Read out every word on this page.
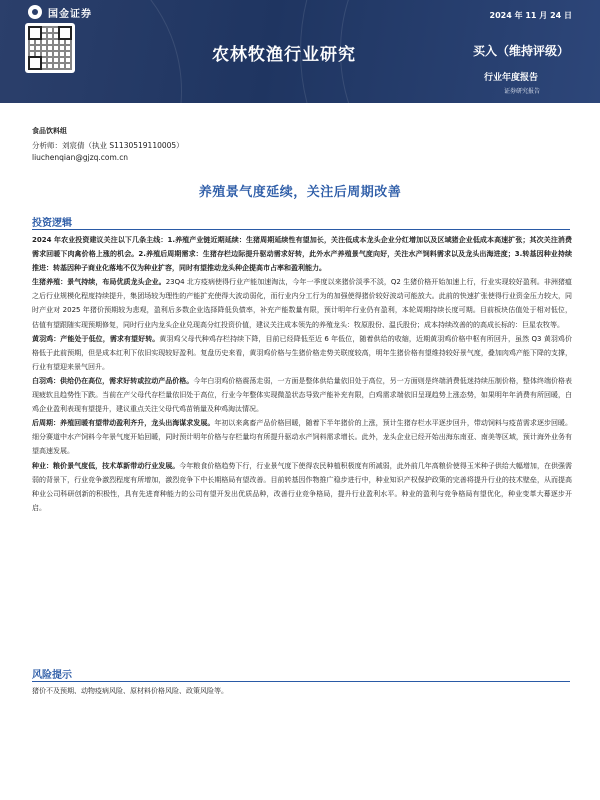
国金证券	2024 年 11 月 24 日
农林牧渔行业研究	买入（维持评级）
行业年度报告
证券研究报告
食品饮料组
分析师：刘宸倩（执业 S1130519110005）
liuchenqian@gjzq.com.cn
养殖景气度延续，关注后周期改善
投资逻辑

2024 年农业投资建议关注以下几条主线：1.养殖产业链近期延续：生猪周期延续性有望加长，关注低成本龙头企业分红增加以及区域猪企业低成本高速扩张；其次关注消费需求回暖下肉禽价格上涨的机会。2.养殖后周期需求：生猪存栏边际提升驱动需求好转，此外水产养殖景气度向好，关注水产饲料需求以及龙头出海进度；3.转基因种业持续推进：转基因种子商业化落地不仅为种业扩容，同时有望推动龙头种企提高市占率和盈利能力。

生猪养殖：景气持续，布局优质龙头企业。23Q4 北方疫病使得行业产能加速淘汰，今年一季度以来猪价淡季不淡，Q2 生猪价格开始加速上行，行业实现较好盈利。非洲猪瘟之后行业规模化程度持续提升，集团场较为理性的产能扩充使得大波动弱化，而行业内分工行为的加强使得猪价较好波动可能放大。此前的快速扩张使得行业资金压力较大，同时产业对 2025 年猪价预期较为悲观，盈利后多数企业选择降低负债率，补充产能数量有限，预计明年行业仍有盈利，本轮周期持续长度可期。目前板块估值处于相对低位，估值有望跟随实现预期修复，同时行业内龙头企业兑现高分红投资价值，建议关注成本领先的养殖龙头：牧原股份、温氏股份；成本持续改善的的高成长标的：巨星农牧等。

黄羽鸡：产能处于低位，需求有望好转。黄羽鸡父母代种鸡存栏持续下降，目前已经降低至近 6 年低位，随着供给的收缩，近期黄羽鸡价格中枢有所回升，虽然 Q3 黄羽鸡价格低于此前预期，但是成本红利下依旧实现较好盈利。复盘历史来看，黄羽鸡价格与生猪价格走势关联度较高，明年生猪价格有望维持较好景气度，叠加肉鸡产能下降的支撑，行业有望迎来景气回升。

白羽鸡：供给仍在高位，需求好转或拉动产品价格。今年白羽鸡价格震荡走弱，一方面是整体供给量依旧处于高位，另一方面则是终端消费低迷持续压制价格，整体终端价格表现疲软且趋势性下跌。当前在产父母代存栏量依旧处于高位，行业今年整体实现微盈状态导致产能补充有限，白鸡需求端依旧呈现趋势上涨态势，如果明年年消费有所回暖，白鸡企业盈利表现有望提升，建议重点关注父母代鸡苗销量及种鸡淘汰情况。

后周期：养殖回暖有望带动盈利齐升，龙头出海谋求发展。年初以来禽畜产品价格回暖，随着下半年猪价的上涨，预计生猪存栏水平逐步回升，带动饲料与疫苗需求逐步回暖。细分赛道中水产饲料今年景气度开始回暖，同时预计明年价格与存栏量均有所提升驱动水产饲料需求增长。此外，龙头企业已经开始出海东南亚、南美等区域，预计海外业务有望高速发展。

种业：粮价景气度低，技术革新带动行业发展。今年粮食价格趋势下行，行业景气度下使得农民种植积极度有所减弱，此外前几年高粮价使得玉米种子供给大幅增加，在供强需弱的背景下，行业竞争激烈程度有所增加，激烈竞争下中长期格局有望改善。目前转基因作物推广稳步进行中，种业知识产权保护政策的完善将提升行业的技术壁垒，从而提高种业公司科研创新的积极性，具有先进育种能力的公司有望开发出优质品种，改善行业竞争格局，提升行业盈利水平。种业的盈利与竞争格局有望优化，种业变革大幕逐步开启。

风险提示
猪价不及预期、动物疫病风险、原材料价格风险、政策风险等。
